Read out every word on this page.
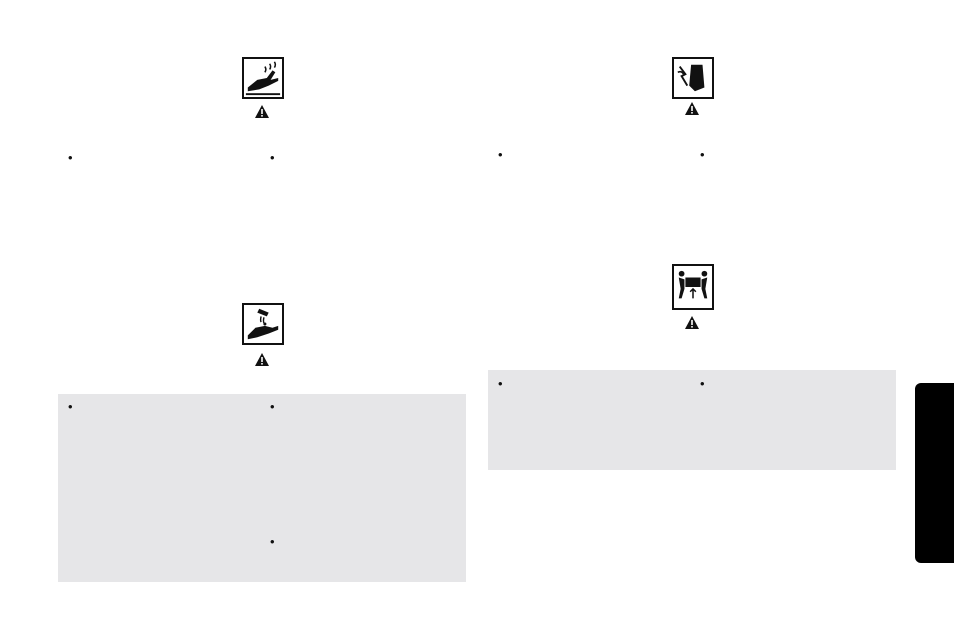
•	•
•	•
•
•	•
•	•
